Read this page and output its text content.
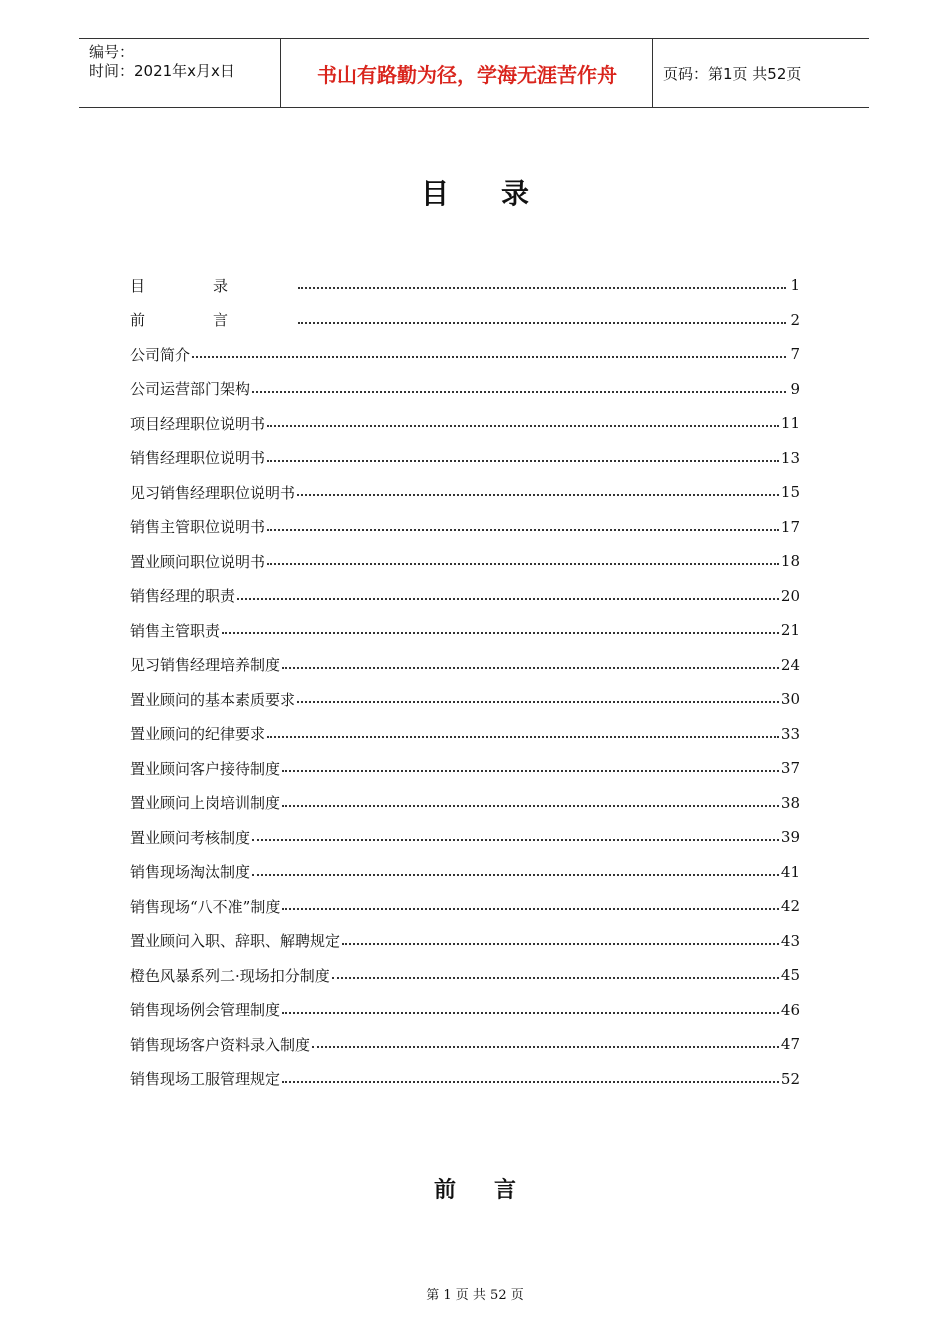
编号：
时间：2021年x月x日	书山有路勤为径，学海无涯苦作舟	页码：第1页 共52页
目录
目录	1
前言	2
公司简介	7
公司运营部门架构	9
项目经理职位说明书	11
销售经理职位说明书	13
见习销售经理职位说明书	15
销售主管职位说明书	17
置业顾问职位说明书	18
销售经理的职责	20
销售主管职责	21
见习销售经理培养制度	24
置业顾问的基本素质要求	30
置业顾问的纪律要求	33
置业顾问客户接待制度	37
置业顾问上岗培训制度	38
置业顾问考核制度	39
销售现场淘汰制度	41
销售现场“八不准”制度	42
置业顾问入职、辞职、解聘规定	43
橙色风暴系列二·现场扣分制度	45
销售现场例会管理制度	46
销售现场客户资料录入制度	47
销售现场工服管理规定	52
前言
第 1 页 共 52 页
